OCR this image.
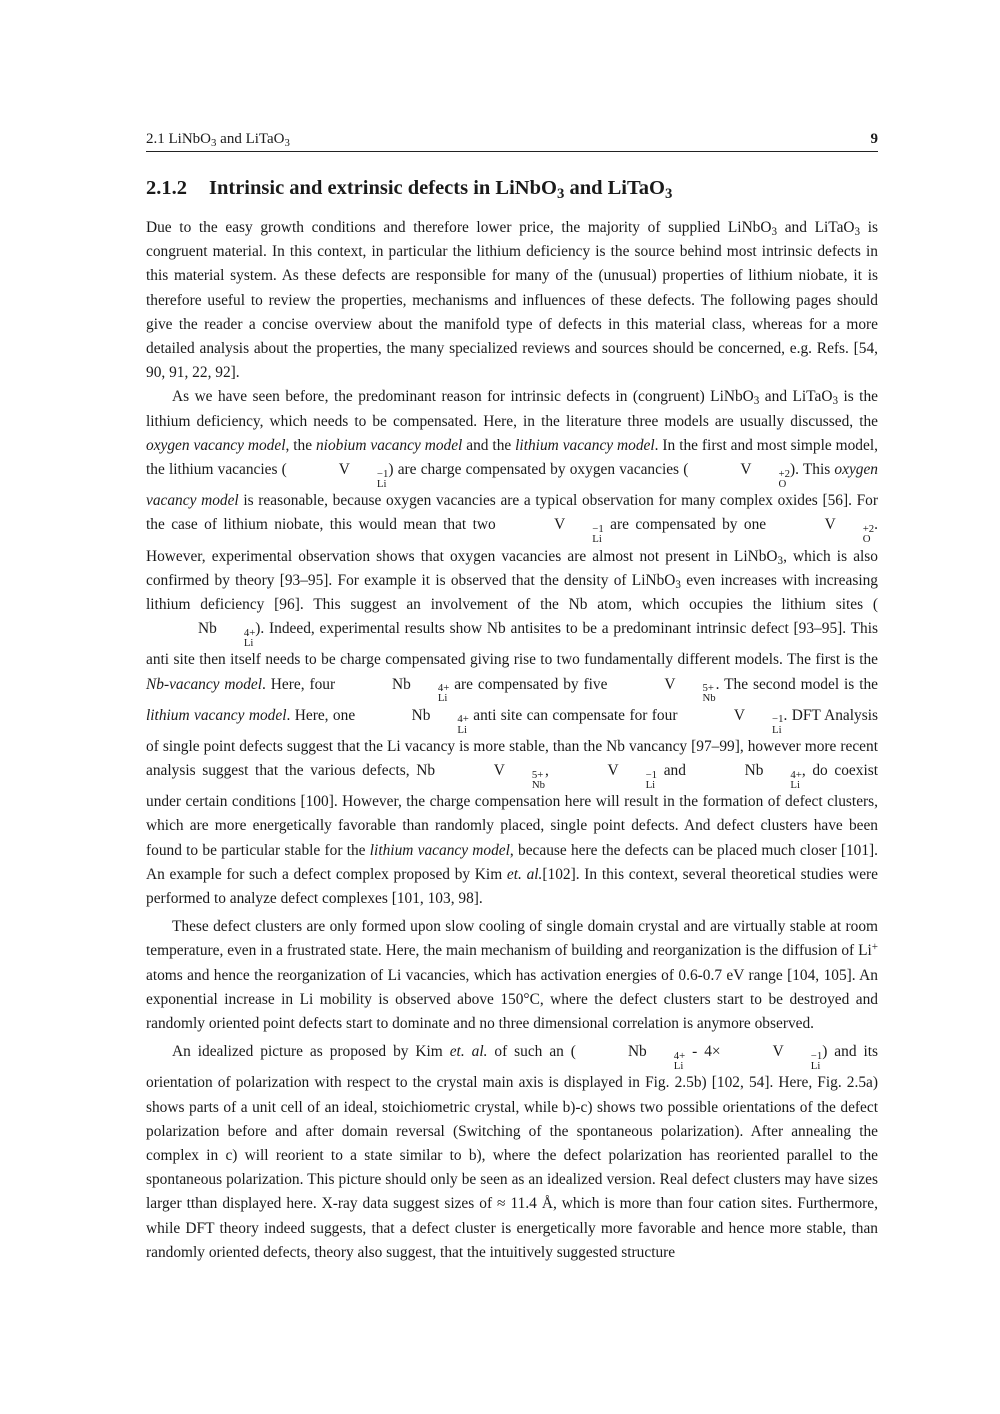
2.1 LiNbO$_3$ and LiTaO$_3$	9
2.1.2 Intrinsic and extrinsic defects in LiNbO$_3$ and LiTaO$_3$

Due to the easy growth conditions and therefore lower price, the majority of supplied LiNbO$_3$ and LiTaO$_3$ is congruent material. In this context, in particular the lithium deficiency is the source behind most intrinsic defects in this material system. As these defects are responsible for many of the (unusual) properties of lithium niobate, it is therefore useful to review the properties, mechanisms and influences of these defects. The following pages should give the reader a concise overview about the manifold type of defects in this material class, whereas for a more detailed analysis about the properties, the many specialized reviews and sources should be concerned, e.g. Refs. [54, 90, 91, 22, 92].

As we have seen before, the predominant reason for intrinsic defects in (congruent) LiNbO$_3$ and LiTaO$_3$ is the lithium deficiency, which needs to be compensated. Here, in the literature three models are usually discussed, the oxygen vacancy model, the niobium vacancy model and the lithium vacancy model. In the first and most simple model, the lithium vacancies (	V	−1
Li
) are charge compensated by oxygen vacancies (	V	+2
O
). This oxygen vacancy model is reasonable, because oxygen vacancies are a typical observation for many complex oxides [56]. For the case of lithium niobate, this would mean that two	V	−1
Li
are compensated by one	V	+2
O
. However, experimental observation shows that oxygen vacancies are almost not present in LiNbO$_3$, which is also confirmed by theory [93–95]. For example it is observed that the density of LiNbO$_3$ even increases with increasing lithium deficiency [96]. This suggest an involvement of the Nb atom, which occupies the lithium sites (Nb	4+
Li
). Indeed, experimental results show Nb antisites to be a predominant intrinsic defect [93–95]. This anti site then itself needs to be charge compensated giving rise to two fundamentally different models. The first is the Nb-vacancy model. Here, four	Nb	4+
Li
are compensated by five	V	5+
Nb
. The second model is the lithium vacancy model. Here, one	Nb	4+
Li
anti site can compensate for four	V	−1
Li
. DFT Analysis of single point defects suggest that the Li vacancy is more stable, than the Nb vancancy [97–99], however more recent analysis suggest that the various defects, Nb	V	5+
Nb
,	V	−1
Li
and	Nb	4+
Li
, do coexist under certain conditions [100]. However, the charge compensation here will result in the formation of defect clusters, which are more energetically favorable than randomly placed, single point defects. And defect clusters have been found to be particular stable for the lithium vacancy model, because here the defects can be placed much closer [101]. An example for such a defect complex proposed by Kim et. al.[102]. In this context, several theoretical studies were performed to analyze defect complexes [101, 103, 98].

These defect clusters are only formed upon slow cooling of single domain crystal and are virtually stable at room temperature, even in a frustrated state. Here, the main mechanism of building and reorganization is the diffusion of Li+ atoms and hence the reorganization of Li vacancies, which has activation energies of 0.6-0.7 eV range [104, 105]. An exponential increase in Li mobility is observed above 150°C, where the defect clusters start to be destroyed and randomly oriented point defects start to dominate and no three dimensional correlation is anymore observed.

An idealized picture as proposed by Kim et. al. of such an (	Nb	4+
Li
- 4×	V	−1
Li
) and its orientation of polarization with respect to the crystal main axis is displayed in Fig. 2.5b) [102, 54]. Here, Fig. 2.5a) shows parts of a unit cell of an ideal, stoichiometric crystal, while b)-c) shows two possible orientations of the defect polarization before and after domain reversal (Switching of the spontaneous polarization). After annealing the complex in c) will reorient to a state similar to b), where the defect polarization has reoriented parallel to the spontaneous polarization. This picture should only be seen as an idealized version. Real defect clusters may have sizes larger tthan displayed here. X-ray data suggest sizes of ≈ 11.4 Å, which is more than four cation sites. Furthermore, while DFT theory indeed suggests, that a defect cluster is energetically more favorable and hence more stable, than randomly oriented defects, theory also suggest, that the intuitively suggested structure
